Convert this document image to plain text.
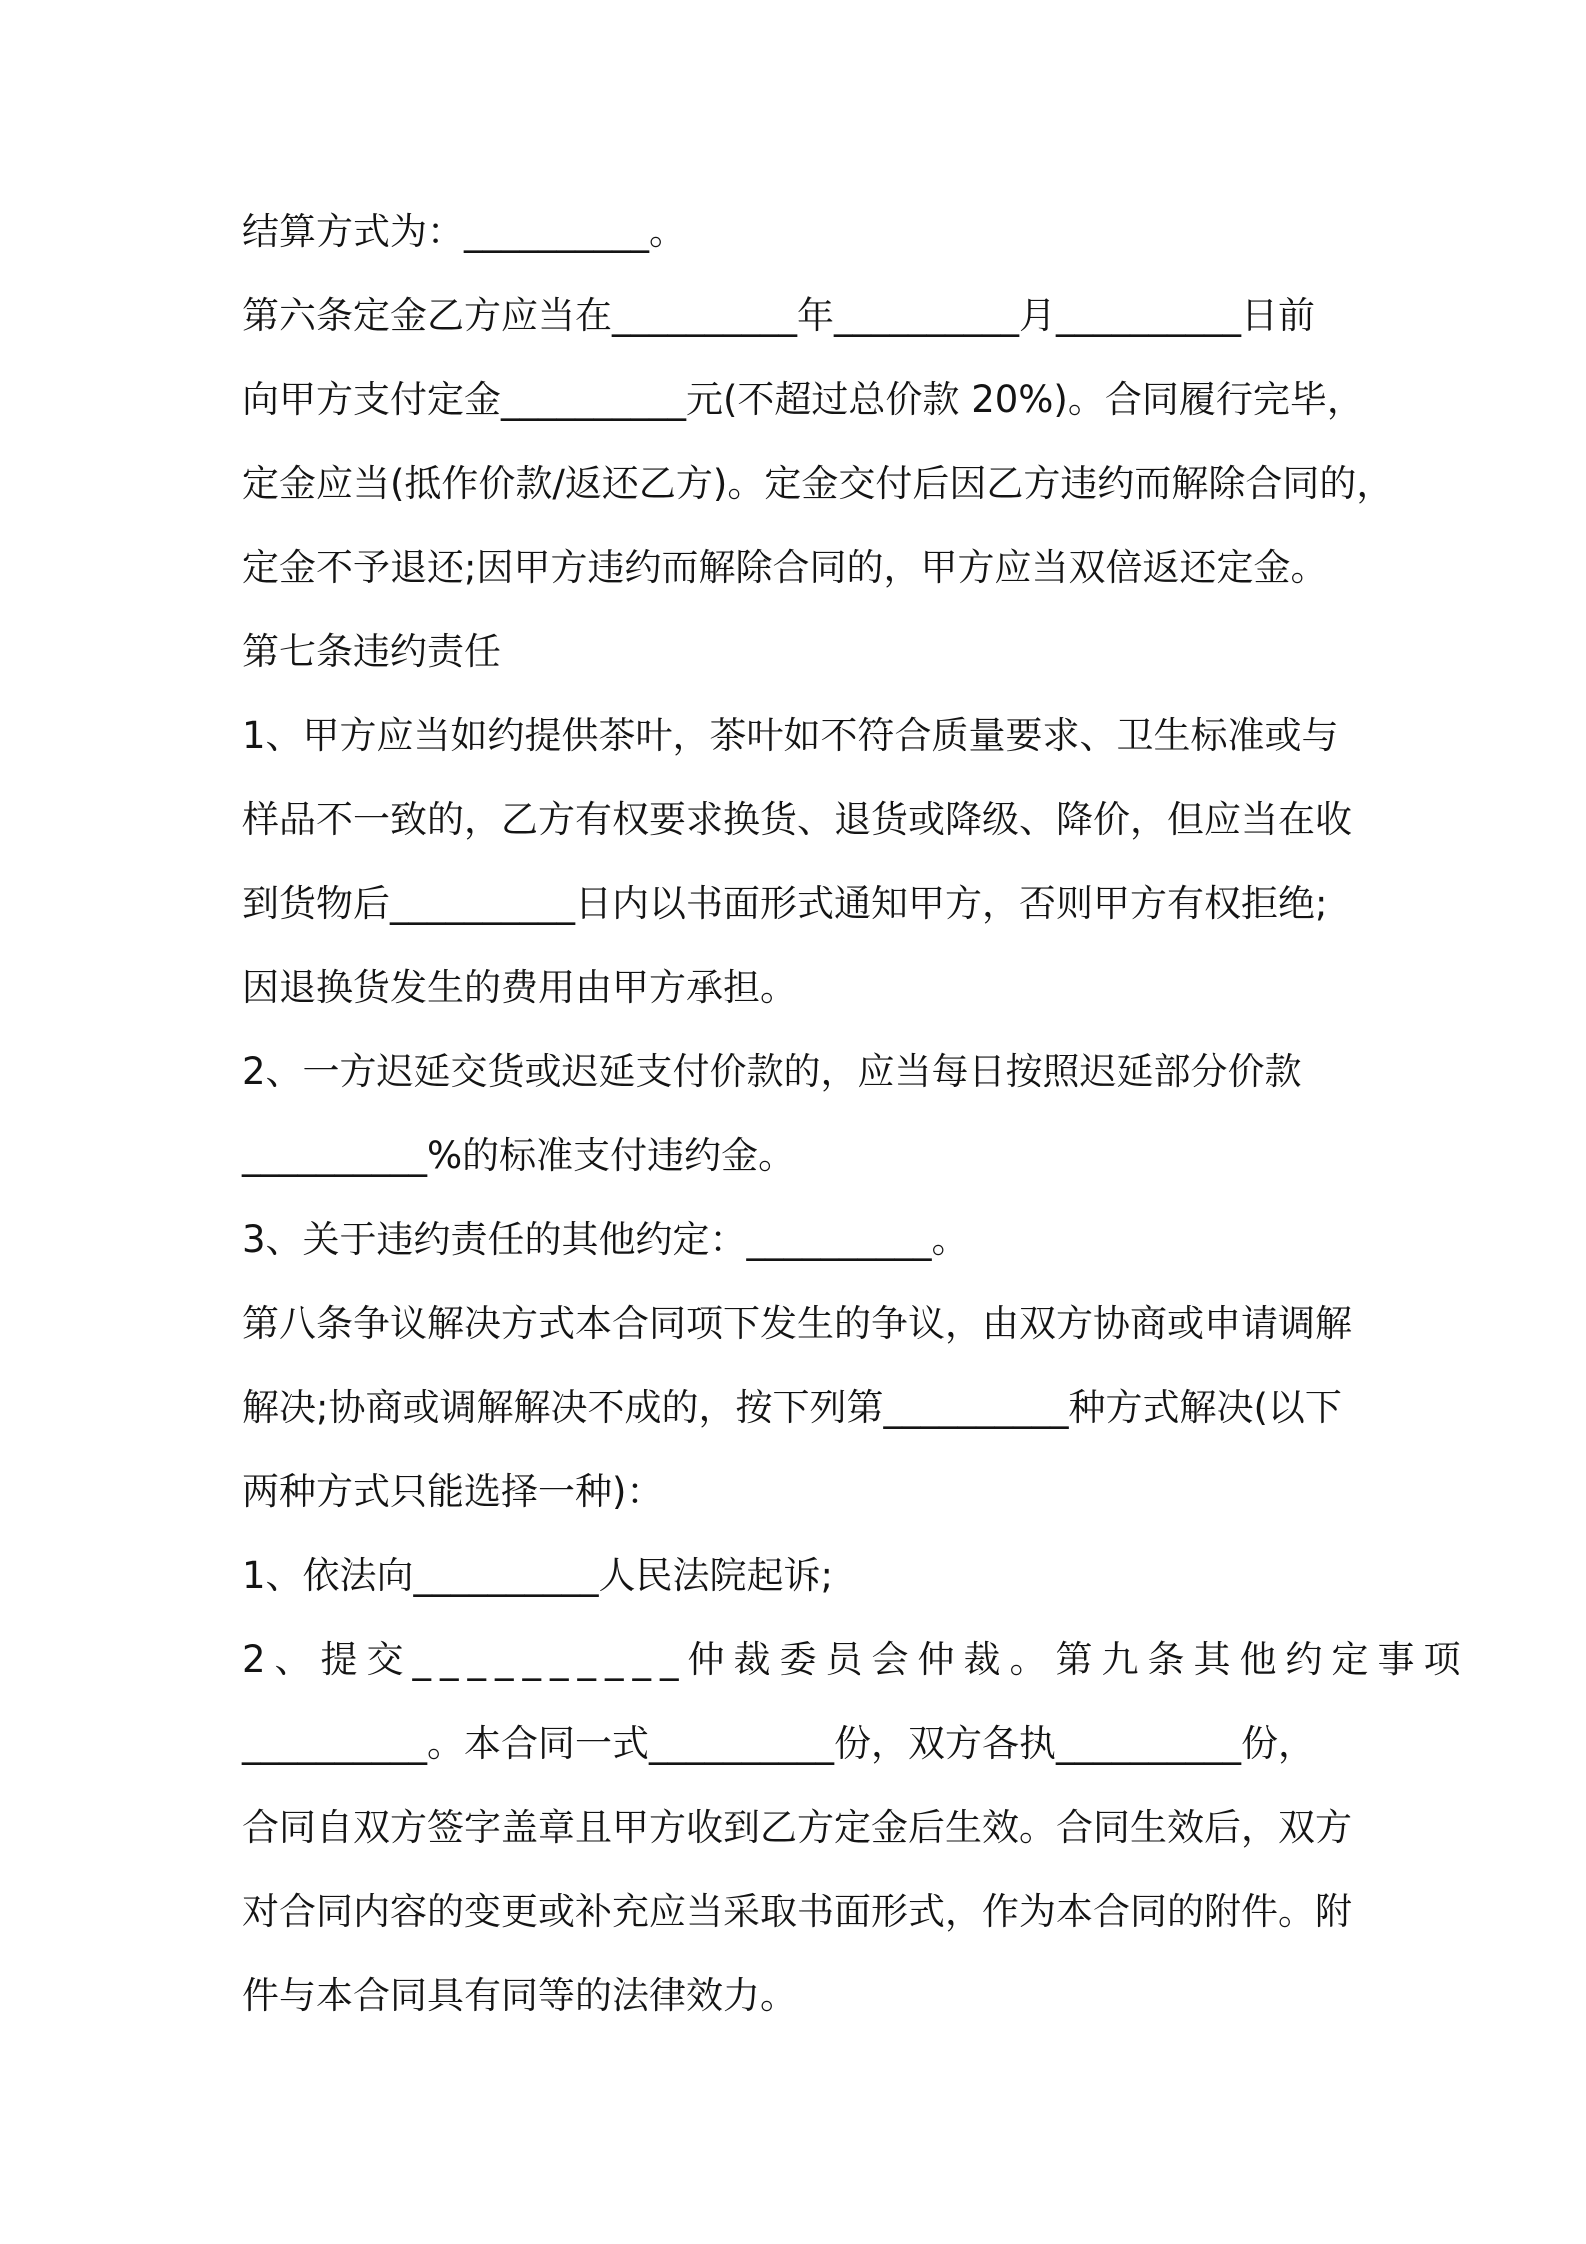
结算方式为：__________。
第六条定金乙方应当在__________年__________月__________日前
向甲方支付定金__________元(不超过总价款 20%)。合同履行完毕，
定金应当(抵作价款/返还乙方)。定金交付后因乙方违约而解除合同的，
定金不予退还;因甲方违约而解除合同的，甲方应当双倍返还定金。
第七条违约责任
1、甲方应当如约提供茶叶，茶叶如不符合质量要求、卫生标准或与
样品不一致的，乙方有权要求换货、退货或降级、降价，但应当在收
到货物后__________日内以书面形式通知甲方，否则甲方有权拒绝;
因退换货发生的费用由甲方承担。
2、一方迟延交货或迟延支付价款的，应当每日按照迟延部分价款
__________%的标准支付违约金。
3、关于违约责任的其他约定：__________。
第八条争议解决方式本合同项下发生的争议，由双方协商或申请调解
解决;协商或调解解决不成的，按下列第__________种方式解决(以下
两种方式只能选择一种)：
1、依法向__________人民法院起诉;
2、提交__________仲裁委员会仲裁。第九条其他约定事项
__________。本合同一式__________份，双方各执__________份，
合同自双方签字盖章且甲方收到乙方定金后生效。合同生效后，双方
对合同内容的变更或补充应当采取书面形式，作为本合同的附件。附
件与本合同具有同等的法律效力。
